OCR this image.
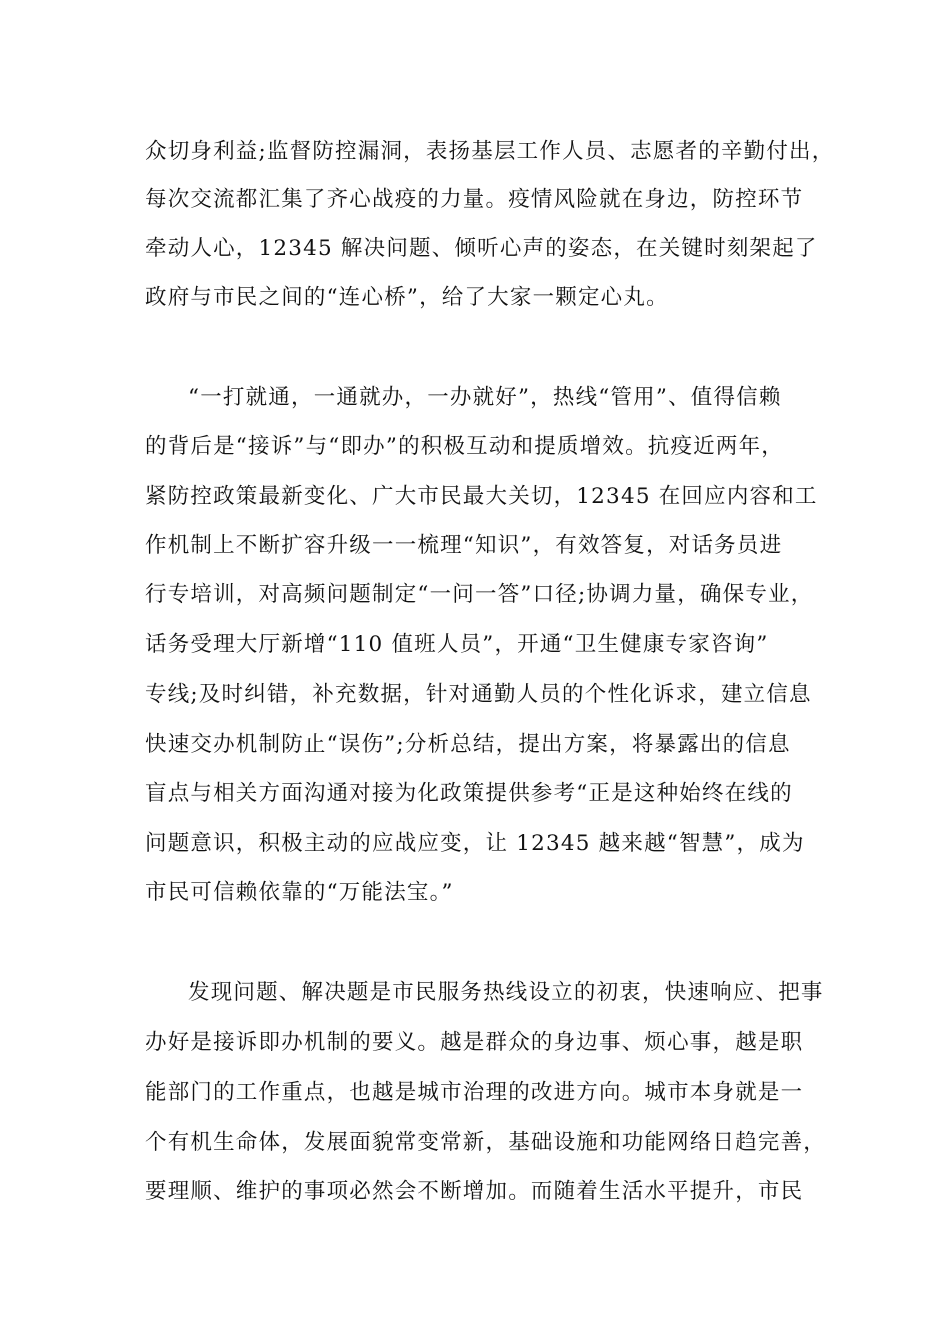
众切身利益;监督防控漏洞，表扬基层工作人员、志愿者的辛勤付出，
每次交流都汇集了齐心战疫的力量。疫情风险就在身边，防控环节
牵动人心，12345 解决问题、倾听心声的姿态，在关键时刻架起了
政府与市民之间的“连心桥”，给了大家一颗定心丸。
“一打就通，一通就办，一办就好”，热线“管用”、值得信赖
的背后是“接诉”与“即办”的积极互动和提质增效。抗疫近两年，
紧防控政策最新变化、广大市民最大关切，12345 在回应内容和工
作机制上不断扩容升级一一梳理“知识”，有效答复，对话务员进
行专培训，对高频问题制定“一问一答”口径;协调力量，确保专业，
话务受理大厅新增“110 值班人员”，开通“卫生健康专家咨询”
专线;及时纠错，补充数据，针对通勤人员的个性化诉求，建立信息
快速交办机制防止“误伤”;分析总结，提出方案，将暴露出的信息
盲点与相关方面沟通对接为化政策提供参考“正是这种始终在线的
问题意识，积极主动的应战应变，让 12345 越来越“智慧”，成为
市民可信赖依靠的“万能法宝。”
发现问题、解决题是市民服务热线设立的初衷，快速响应、把事
办好是接诉即办机制的要义。越是群众的身边事、烦心事，越是职
能部门的工作重点，也越是城市治理的改进方向。城市本身就是一
个有机生命体，发展面貌常变常新，基础设施和功能网络日趋完善，
要理顺、维护的事项必然会不断增加。而随着生活水平提升，市民
